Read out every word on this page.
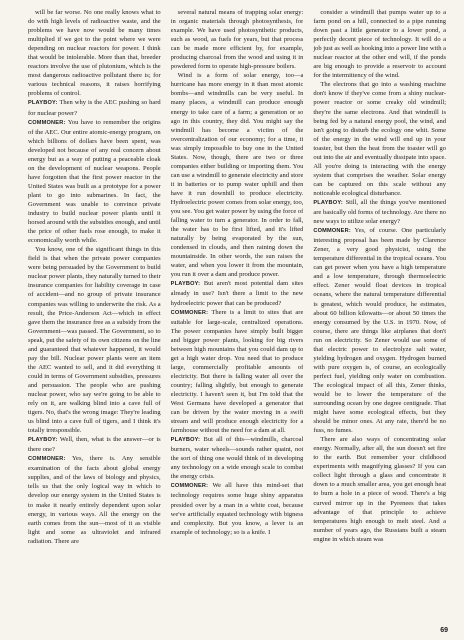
will be far worse. No one really knows what to do with high levels of radioactive waste, and the problems we have now would be many times multiplied if we got to the point where we were depending on nuclear reactors for power. I think that would be intolerable. More than that, breeder reactors involve the use of plutonium, which is the most dangerous radioactive pollutant there is; for various technical reasons, it raises horrifying problems of control.

PLAYBOY: Then why is the AEC pushing so hard for nuclear power?

COMMONER: You have to remember the origins of the AEC. Our entire atomic-energy program, on which billions of dollars have been spent, was developed not because of any real concern about energy but as a way of putting a peaceable cloak on the development of nuclear weapons. People have forgotten that the first power reactor in the United States was built as a prototype for a power plant to go into submarines. In fact, the Government was unable to convince private industry to build nuclear power plants until it horsed around with the subsidies enough, and until the price of other fuels rose enough, to make it economically worth while.

You know, one of the significant things in this field is that when the private power companies were being persuaded by the Government to build nuclear power plants, they naturally turned to their insurance companies for liability coverage in case of accident—and no group of private insurance companies was willing to underwrite the risk. As a result, the Price-Anderson Act—which in effect gave them the insurance free as a subsidy from the Government—was passed. The Government, so to speak, put the safety of its own citizens on the line and guaranteed that whatever happened, it would pay the bill. Nuclear power plants were an item the AEC wanted to sell, and it did everything it could in terms of Government subsidies, pressures and persuasion. The people who are pushing nuclear power, who say we're going to be able to rely on it, are walking blind into a cave full of tigers. No, that's the wrong image: They're leading us blind into a cave full of tigers, and I think it's totally irresponsible.

PLAYBOY: Well, then, what is the answer—or is there one?

COMMONER: Yes, there is. Any sensible examination of the facts about global energy supplies, and of the laws of biology and physics, tells us that the only logical way in which to develop our energy system in the United States is to make it nearly entirely dependent upon solar energy, in various ways. All the energy on the earth comes from the sun—most of it as visible light and some as ultraviolet and infrared radiation. There are

several natural means of trapping solar energy: in organic materials through photosynthesis, for example. We have used photosynthetic products, such as wood, as fuels for years, but that process can be made more efficient by, for example, producing charcoal from the wood and using it in powdered form to operate high-pressure boilers.

Wind is a form of solar energy, too—a hurricane has more energy in it than most atomic bombs—and windmills can be very useful. In many places, a windmill can produce enough energy to take care of a farm; a generation or so ago in this country, they did. You might say the windmill has become a victim of the overcentralization of our economy; for a time, it was simply impossible to buy one in the United States. Now, though, there are two or three companies either building or importing them. You can use a windmill to generate electricity and store it in batteries or to pump water uphill and then have it run downhill to produce electricity. Hydroelectric power comes from solar energy, too, you see. You get water power by using the force of falling water to turn a generator. In order to fall, the water has to be first lifted, and it's lifted naturally by being evaporated by the sun, condensed in clouds, and then raining down the mountainside. In other words, the sun raises the water, and when you lower it from the mountain, you run it over a dam and produce power.

PLAYBOY: But aren't most potential dam sites already in use? Isn't there a limit to the new hydroelectric power that can be produced?

COMMONER: There is a limit to sites that are suitable for large-scale, centralized operations. The power companies have simply built bigger and bigger power plants, looking for big rivers between high mountains that you could dam up to get a high water drop. You need that to produce large, commercially profitable amounts of electricity. But there is falling water all over the country; falling slightly, but enough to generate electricity. I haven't seen it, but I'm told that the West Germans have developed a generator that can be driven by the water moving in a swift stream and will produce enough electricity for a farmhouse without the need for a dam at all.

PLAYBOY: But all of this—windmills, charcoal burners, water wheels—sounds rather quaint, not the sort of thing one would think of in developing any technology on a wide enough scale to combat the energy crisis.

COMMONER: We all have this mind-set that technology requires some huge shiny apparatus presided over by a man in a white coat, because we've artificially equated technology with bigness and complexity. But you know, a lever is an example of technology; so is a knife. I

consider a windmill that pumps water up to a farm pond on a hill, connected to a pipe running down past a little generator to a lower pond, a perfectly decent piece of technology. It will do a job just as well as hooking into a power line with a nuclear reactor at the other end will, if the ponds are big enough to provide a reservoir to account for the intermittency of the wind.

The electrons that go into a washing machine don't know if they've come from a shiny nuclear-power reactor or some creaky old windmill; they're the same electrons. And that windmill is being fed by a natural energy pool, the wind, and isn't going to disturb the ecology one whit. Some of the energy in the wind will end up in your toaster, but then the heat from the toaster will go out into the air and eventually dissipate into space. All you're doing is interacting with the energy system that comprises the weather. Solar energy can be captured on this scale without any noticeable ecological disturbance.

PLAYBOY: Still, all the things you've mentioned are basically old forms of technology. Are there no new ways to utilize solar energy?

COMMONER: Yes, of course. One particularly interesting proposal has been made by Clarence Zener, a very good physicist, using the temperature differential in the tropical oceans. You can get power when you have a high temperature and a low temperature, through thermoelectric effect. Zener would float devices in tropical oceans, where the natural temperature differential is greatest, which would produce, he estimates, about 60 billion kilowatts—or about 50 times the energy consumed by the U.S. in 1970. Now, of course, there are things like airplanes that don't run on electricity. So Zener would use some of that electric power to electrolyze salt water, yielding hydrogen and oxygen. Hydrogen burned with pure oxygen is, of course, an ecologically perfect fuel, yielding only water on combustion. The ecological impact of all this, Zener thinks, would be to lower the temperature of the surrounding ocean by one degree centigrade. That might have some ecological effects, but they should be minor ones. At any rate, there'd be no fuss, no fumes.

There are also ways of concentrating solar energy. Normally, after all, the sun doesn't set fire to the earth. But remember your childhood experiments with magnifying glasses? If you can collect light through a glass and concentrate it down to a much smaller area, you get enough heat to burn a hole in a piece of wood. There's a big curved mirror up in the Pyrenees that takes advantage of that principle to achieve temperatures high enough to melt steel. And a number of years ago, the Russians built a steam engine in which steam was

69
